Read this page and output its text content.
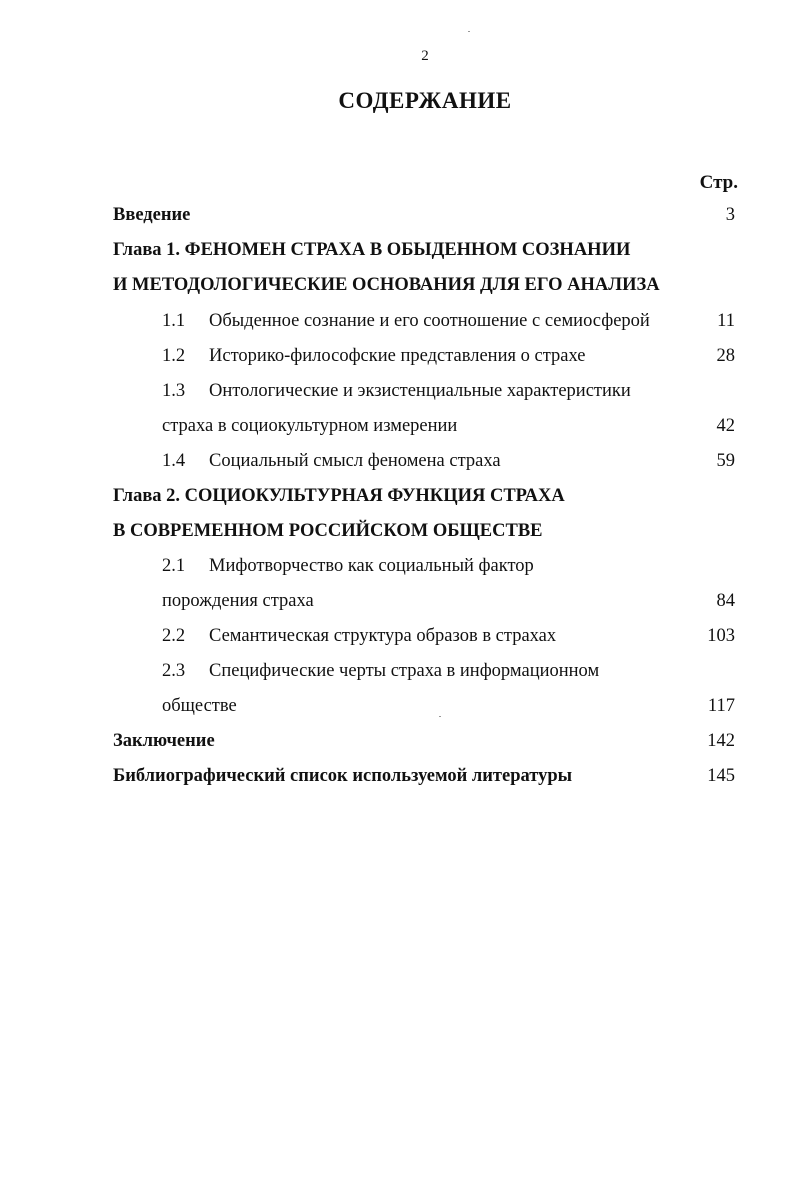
2
СОДЕРЖАНИЕ
Стр.
Введение	3
Глава 1. ФЕНОМЕН СТРАХА В ОБЫДЕННОМ СОЗНАНИИ
И МЕТОДОЛОГИЧЕСКИЕ ОСНОВАНИЯ ДЛЯ ЕГО АНАЛИЗА
1.1 Обыденное сознание и его соотношение с семиосферой	11
1.2 Историко-философские представления о страхе	28
1.3 Онтологические и экзистенциальные характеристики
страха в социокультурном измерении	42
1.4 Социальный смысл феномена страха	59
Глава 2. СОЦИОКУЛЬТУРНАЯ ФУНКЦИЯ СТРАХА
В СОВРЕМЕННОМ РОССИЙСКОМ ОБЩЕСТВЕ
2.1 Мифотворчество как социальный фактор
порождения страха	84
2.2 Семантическая структура образов в страхах	103
2.3 Специфические черты страха в информационном
обществе	117
Заключение	142
Библиографический список используемой литературы	145
